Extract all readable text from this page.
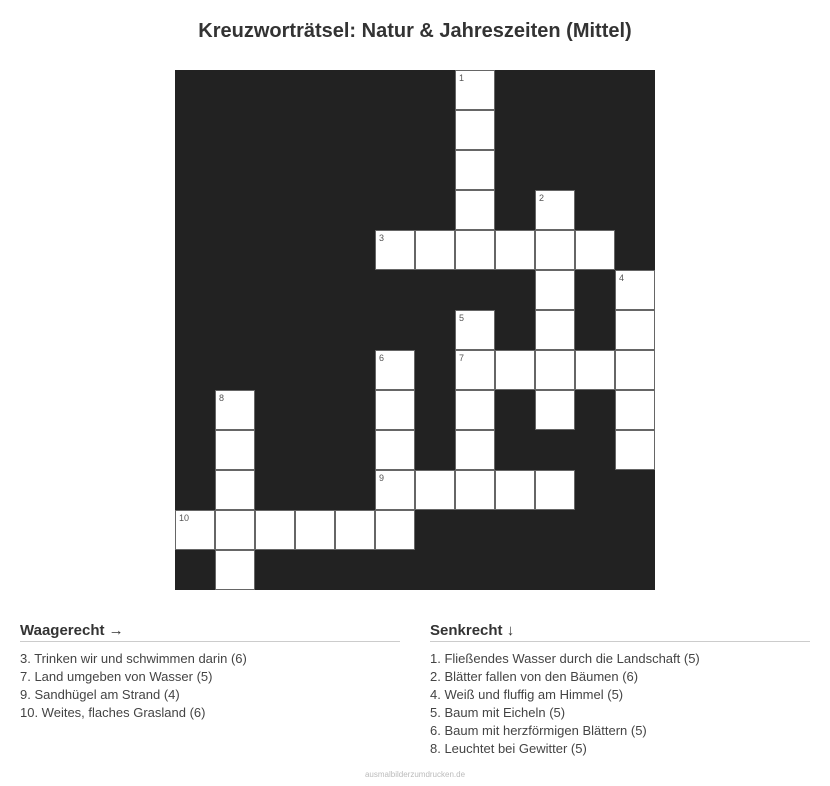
Kreuzworträtsel: Natur & Jahreszeiten (Mittel)
1
2
3
4
5
6	7
8
9
10
Waagerecht →
3. Trinken wir und schwimmen darin (6)
7. Land umgeben von Wasser (5)
9. Sandhügel am Strand (4)
10. Weites, flaches Grasland (6)
Senkrecht ↓
1. Fließendes Wasser durch die Landschaft (5)
2. Blätter fallen von den Bäumen (6)
4. Weiß und fluffig am Himmel (5)
5. Baum mit Eicheln (5)
6. Baum mit herzförmigen Blättern (5)
8. Leuchtet bei Gewitter (5)
ausmalbilderzumdrucken.de
